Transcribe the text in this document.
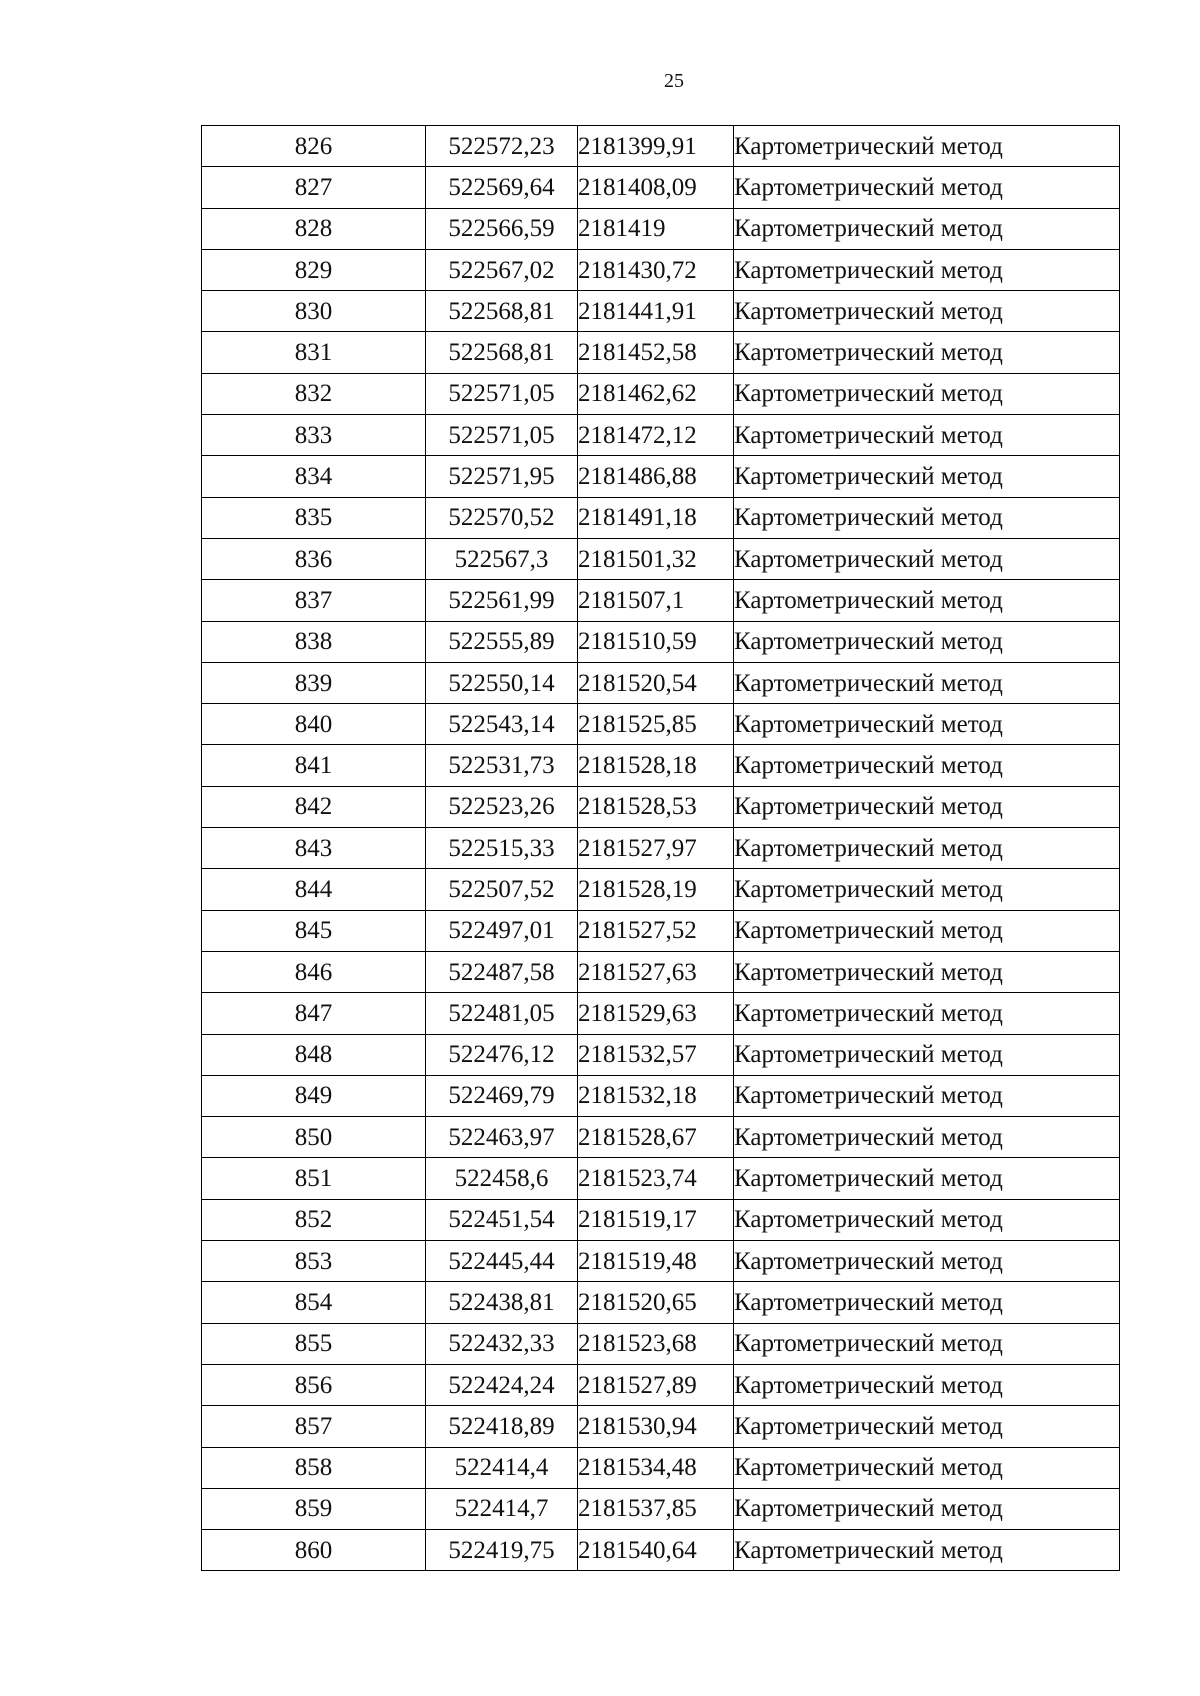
25
826	522572,23	2181399,91	Картометрический метод
827	522569,64	2181408,09	Картометрический метод
828	522566,59	2181419	Картометрический метод
829	522567,02	2181430,72	Картометрический метод
830	522568,81	2181441,91	Картометрический метод
831	522568,81	2181452,58	Картометрический метод
832	522571,05	2181462,62	Картометрический метод
833	522571,05	2181472,12	Картометрический метод
834	522571,95	2181486,88	Картометрический метод
835	522570,52	2181491,18	Картометрический метод
836	522567,3	2181501,32	Картометрический метод
837	522561,99	2181507,1	Картометрический метод
838	522555,89	2181510,59	Картометрический метод
839	522550,14	2181520,54	Картометрический метод
840	522543,14	2181525,85	Картометрический метод
841	522531,73	2181528,18	Картометрический метод
842	522523,26	2181528,53	Картометрический метод
843	522515,33	2181527,97	Картометрический метод
844	522507,52	2181528,19	Картометрический метод
845	522497,01	2181527,52	Картометрический метод
846	522487,58	2181527,63	Картометрический метод
847	522481,05	2181529,63	Картометрический метод
848	522476,12	2181532,57	Картометрический метод
849	522469,79	2181532,18	Картометрический метод
850	522463,97	2181528,67	Картометрический метод
851	522458,6	2181523,74	Картометрический метод
852	522451,54	2181519,17	Картометрический метод
853	522445,44	2181519,48	Картометрический метод
854	522438,81	2181520,65	Картометрический метод
855	522432,33	2181523,68	Картометрический метод
856	522424,24	2181527,89	Картометрический метод
857	522418,89	2181530,94	Картометрический метод
858	522414,4	2181534,48	Картометрический метод
859	522414,7	2181537,85	Картометрический метод
860	522419,75	2181540,64	Картометрический метод
